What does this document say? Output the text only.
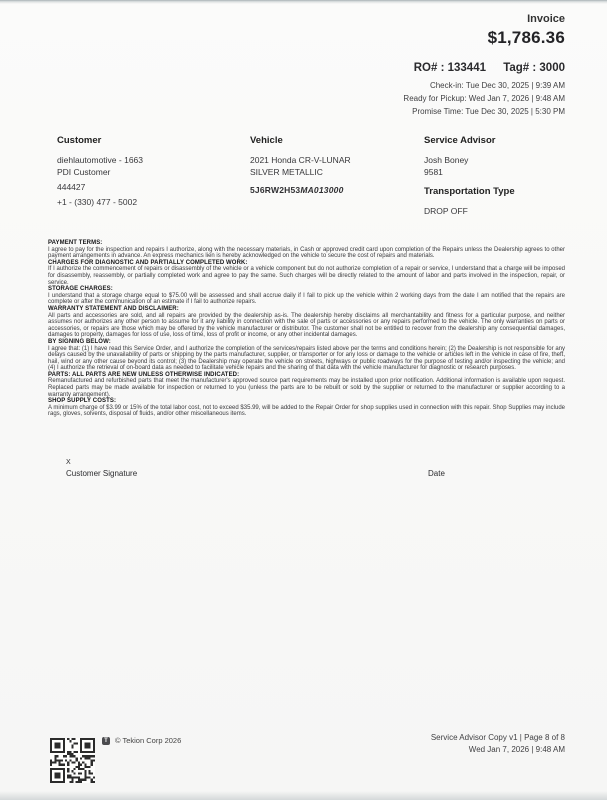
Invoice
$1,786.36
RO# : 133441 Tag# : 3000
Check-in: Tue Dec 30, 2025 | 9:39 AM
Ready for Pickup: Wed Jan 7, 2026 | 9:48 AM
Promise Time: Tue Dec 30, 2025 | 5:30 PM
Customer
diehlautomotive - 1663
PDI Customer
444427
+1 - (330) 477 - 5002
Vehicle
2021 Honda CR-V-LUNAR
SILVER METALLIC
5J6RW2H53MA013000
Service Advisor
Josh Boney
9581
Transportation Type
DROP OFF
PAYMENT TERMS:
I agree to pay for the inspection and repairs I authorize, along with the necessary materials, in Cash or approved credit card upon completion of the Repairs unless the Dealership agrees to other payment arrangements in advance. An express mechanics lien is hereby acknowledged on the vehicle to secure the cost of repairs and materials.
CHARGES FOR DIAGNOSTIC AND PARTIALLY COMPLETED WORK:
If I authorize the commencement of repairs or disassembly of the vehicle or a vehicle component but do not authorize completion of a repair or service, I understand that a charge will be imposed for disassembly, reassembly, or partially completed work and agree to pay the same. Such charges will be directly related to the amount of labor and parts involved in the inspection, repair, or service.
STORAGE CHARGES:
I understand that a storage charge equal to $75.00 will be assessed and shall accrue daily if I fail to pick up the vehicle within 2 working days from the date I am notified that the repairs are complete or after the communication of an estimate if I fail to authorize repairs.
WARRANTY STATEMENT AND DISCLAIMER:
All parts and accessories are sold, and all repairs are provided by the dealership as-is. The dealership hereby disclaims all merchantability and fitness for a particular purpose, and neither assumes nor authorizes any other person to assume for it any liability in connection with the sale of parts or accessories or any repairs performed to the vehicle. The only warranties on parts or accessories, or repairs are those which may be offered by the vehicle manufacturer or distributor. The customer shall not be entitled to recover from the dealership any consequential damages, damages to property, damages for loss of use, loss of time, loss of profit or income, or any other incidental damages.
BY SIGNING BELOW:
I agree that: (1) I have read this Service Order, and I authorize the completion of the services/repairs listed above per the terms and conditions herein; (2) the Dealership is not responsible for any delays caused by the unavailability of parts or shipping by the parts manufacturer, supplier, or transporter or for any loss or damage to the vehicle or articles left in the vehicle in case of fire, theft, hail, wind or any other cause beyond its control; (3) the Dealership may operate the vehicle on streets, highways or public roadways for the purpose of testing and/or inspecting the vehicle; and (4) I authorize the retrieval of on-board data as needed to facilitate vehicle repairs and the sharing of that data with the vehicle manufacturer for diagnostic or research purposes.
PARTS: ALL PARTS ARE NEW UNLESS OTHERWISE INDICATED:
Remanufactured and refurbished parts that meet the manufacturer's approved source part requirements may be installed upon prior notification. Additional information is available upon request. Replaced parts may be made available for inspection or returned to you (unless the parts are to be rebuilt or sold by the supplier or returned to the manufacturer or supplier according to a warranty arrangement).
SHOP SUPPLY COSTS:
A minimum charge of $3.99 or 15% of the total labor cost, not to exceed $35.99, will be added to the Repair Order for shop supplies used in connection with this repair. Shop Supplies may include rags, gloves, solvents, disposal of fluids, and/or other miscellaneous items.
X
Customer Signature	Date
T © Tekion Corp 2026	Service Advisor Copy v1 | Page 8 of 8
Wed Jan 7, 2026 | 9:48 AM
